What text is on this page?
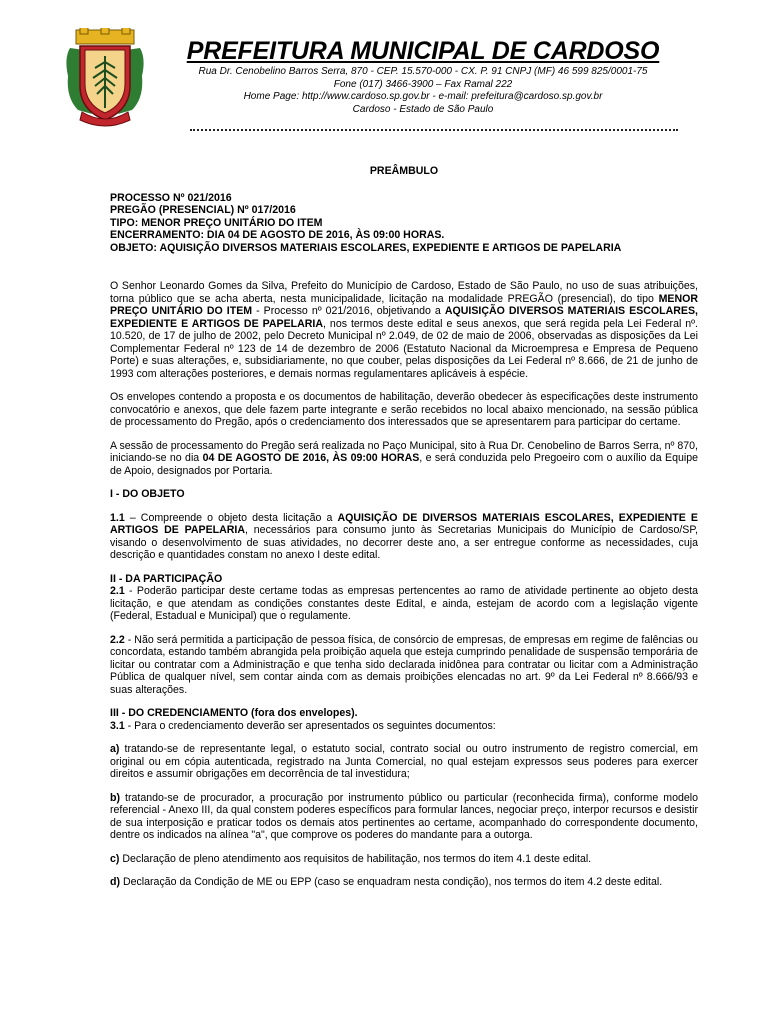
PREFEITURA MUNICIPAL DE CARDOSO
Rua Dr. Cenobelino Barros Serra, 870 - CEP. 15.570-000 - CX. P. 91 CNPJ (MF) 46 599 825/0001-75
Fone (017) 3466-3900 – Fax Ramal 222
Home Page: http://www.cardoso.sp.gov.br - e-mail: prefeitura@cardoso.sp.gov.br
Cardoso - Estado de São Paulo
PREÂMBULO
PROCESSO Nº 021/2016
PREGÃO (PRESENCIAL) Nº 017/2016
TIPO: MENOR PREÇO UNITÁRIO DO ITEM
ENCERRAMENTO: DIA 04 DE AGOSTO DE 2016, ÀS 09:00 HORAS.
OBJETO: AQUISIÇÃO DIVERSOS MATERIAIS ESCOLARES, EXPEDIENTE E ARTIGOS DE PAPELARIA

O Senhor Leonardo Gomes da Silva, Prefeito do Município de Cardoso, Estado de São Paulo, no uso de suas atribuições, torna público que se acha aberta, nesta municipalidade, licitação na modalidade PREGÃO (presencial), do tipo MENOR PREÇO UNITÁRIO DO ITEM - Processo nº 021/2016, objetivando a AQUISIÇÃO DIVERSOS MATERIAIS ESCOLARES, EXPEDIENTE E ARTIGOS DE PAPELARIA, nos termos deste edital e seus anexos, que será regida pela Lei Federal nº. 10.520, de 17 de julho de 2002, pelo Decreto Municipal nº 2.049, de 02 de maio de 2006, observadas as disposições da Lei Complementar Federal nº 123 de 14 de dezembro de 2006 (Estatuto Nacional da Microempresa e Empresa de Pequeno Porte) e suas alterações, e, subsidiariamente, no que couber, pelas disposições da Lei Federal nº 8.666, de 21 de junho de 1993 com alterações posteriores, e demais normas regulamentares aplicáveis à espécie.

Os envelopes contendo a proposta e os documentos de habilitação, deverão obedecer às especificações deste instrumento convocatório e anexos, que dele fazem parte integrante e serão recebidos no local abaixo mencionado, na sessão pública de processamento do Pregão, após o credenciamento dos interessados que se apresentarem para participar do certame.

A sessão de processamento do Pregão será realizada no Paço Municipal, sito à Rua Dr. Cenobelino de Barros Serra, nº 870, iniciando-se no dia 04 DE AGOSTO DE 2016, ÀS 09:00 HORAS, e será conduzida pelo Pregoeiro com o auxílio da Equipe de Apoio, designados por Portaria.

I - DO OBJETO

1.1 – Compreende o objeto desta licitação a AQUISIÇÃO DE DIVERSOS MATERIAIS ESCOLARES, EXPEDIENTE E ARTIGOS DE PAPELARIA, necessários para consumo junto às Secretarias Municipais do Município de Cardoso/SP, visando o desenvolvimento de suas atividades, no decorrer deste ano, a ser entregue conforme as necessidades, cuja descrição e quantidades constam no anexo I deste edital.

II - DA PARTICIPAÇÃO

2.1 - Poderão participar deste certame todas as empresas pertencentes ao ramo de atividade pertinente ao objeto desta licitação, e que atendam as condições constantes deste Edital, e ainda, estejam de acordo com a legislação vigente (Federal, Estadual e Municipal) que o regulamente.

2.2 - Não será permitida a participação de pessoa física, de consórcio de empresas, de empresas em regime de falências ou concordata, estando também abrangida pela proibição aquela que esteja cumprindo penalidade de suspensão temporária de licitar ou contratar com a Administração e que tenha sido declarada inidônea para contratar ou licitar com a Administração Pública de qualquer nível, sem contar ainda com as demais proibições elencadas no art. 9º da Lei Federal nº 8.666/93 e suas alterações.

III - DO CREDENCIAMENTO (fora dos envelopes).

3.1 - Para o credenciamento deverão ser apresentados os seguintes documentos:

a) tratando-se de representante legal, o estatuto social, contrato social ou outro instrumento de registro comercial, em original ou em cópia autenticada, registrado na Junta Comercial, no qual estejam expressos seus poderes para exercer direitos e assumir obrigações em decorrência de tal investidura;

b) tratando-se de procurador, a procuração por instrumento público ou particular (reconhecida firma), conforme modelo referencial - Anexo III, da qual constem poderes específicos para formular lances, negociar preço, interpor recursos e desistir de sua interposição e praticar todos os demais atos pertinentes ao certame, acompanhado do correspondente documento, dentre os indicados na alínea "a", que comprove os poderes do mandante para a outorga.

c) Declaração de pleno atendimento aos requisitos de habilitação, nos termos do item 4.1 deste edital.

d) Declaração da Condição de ME ou EPP (caso se enquadram nesta condição), nos termos do item 4.2 deste edital.
